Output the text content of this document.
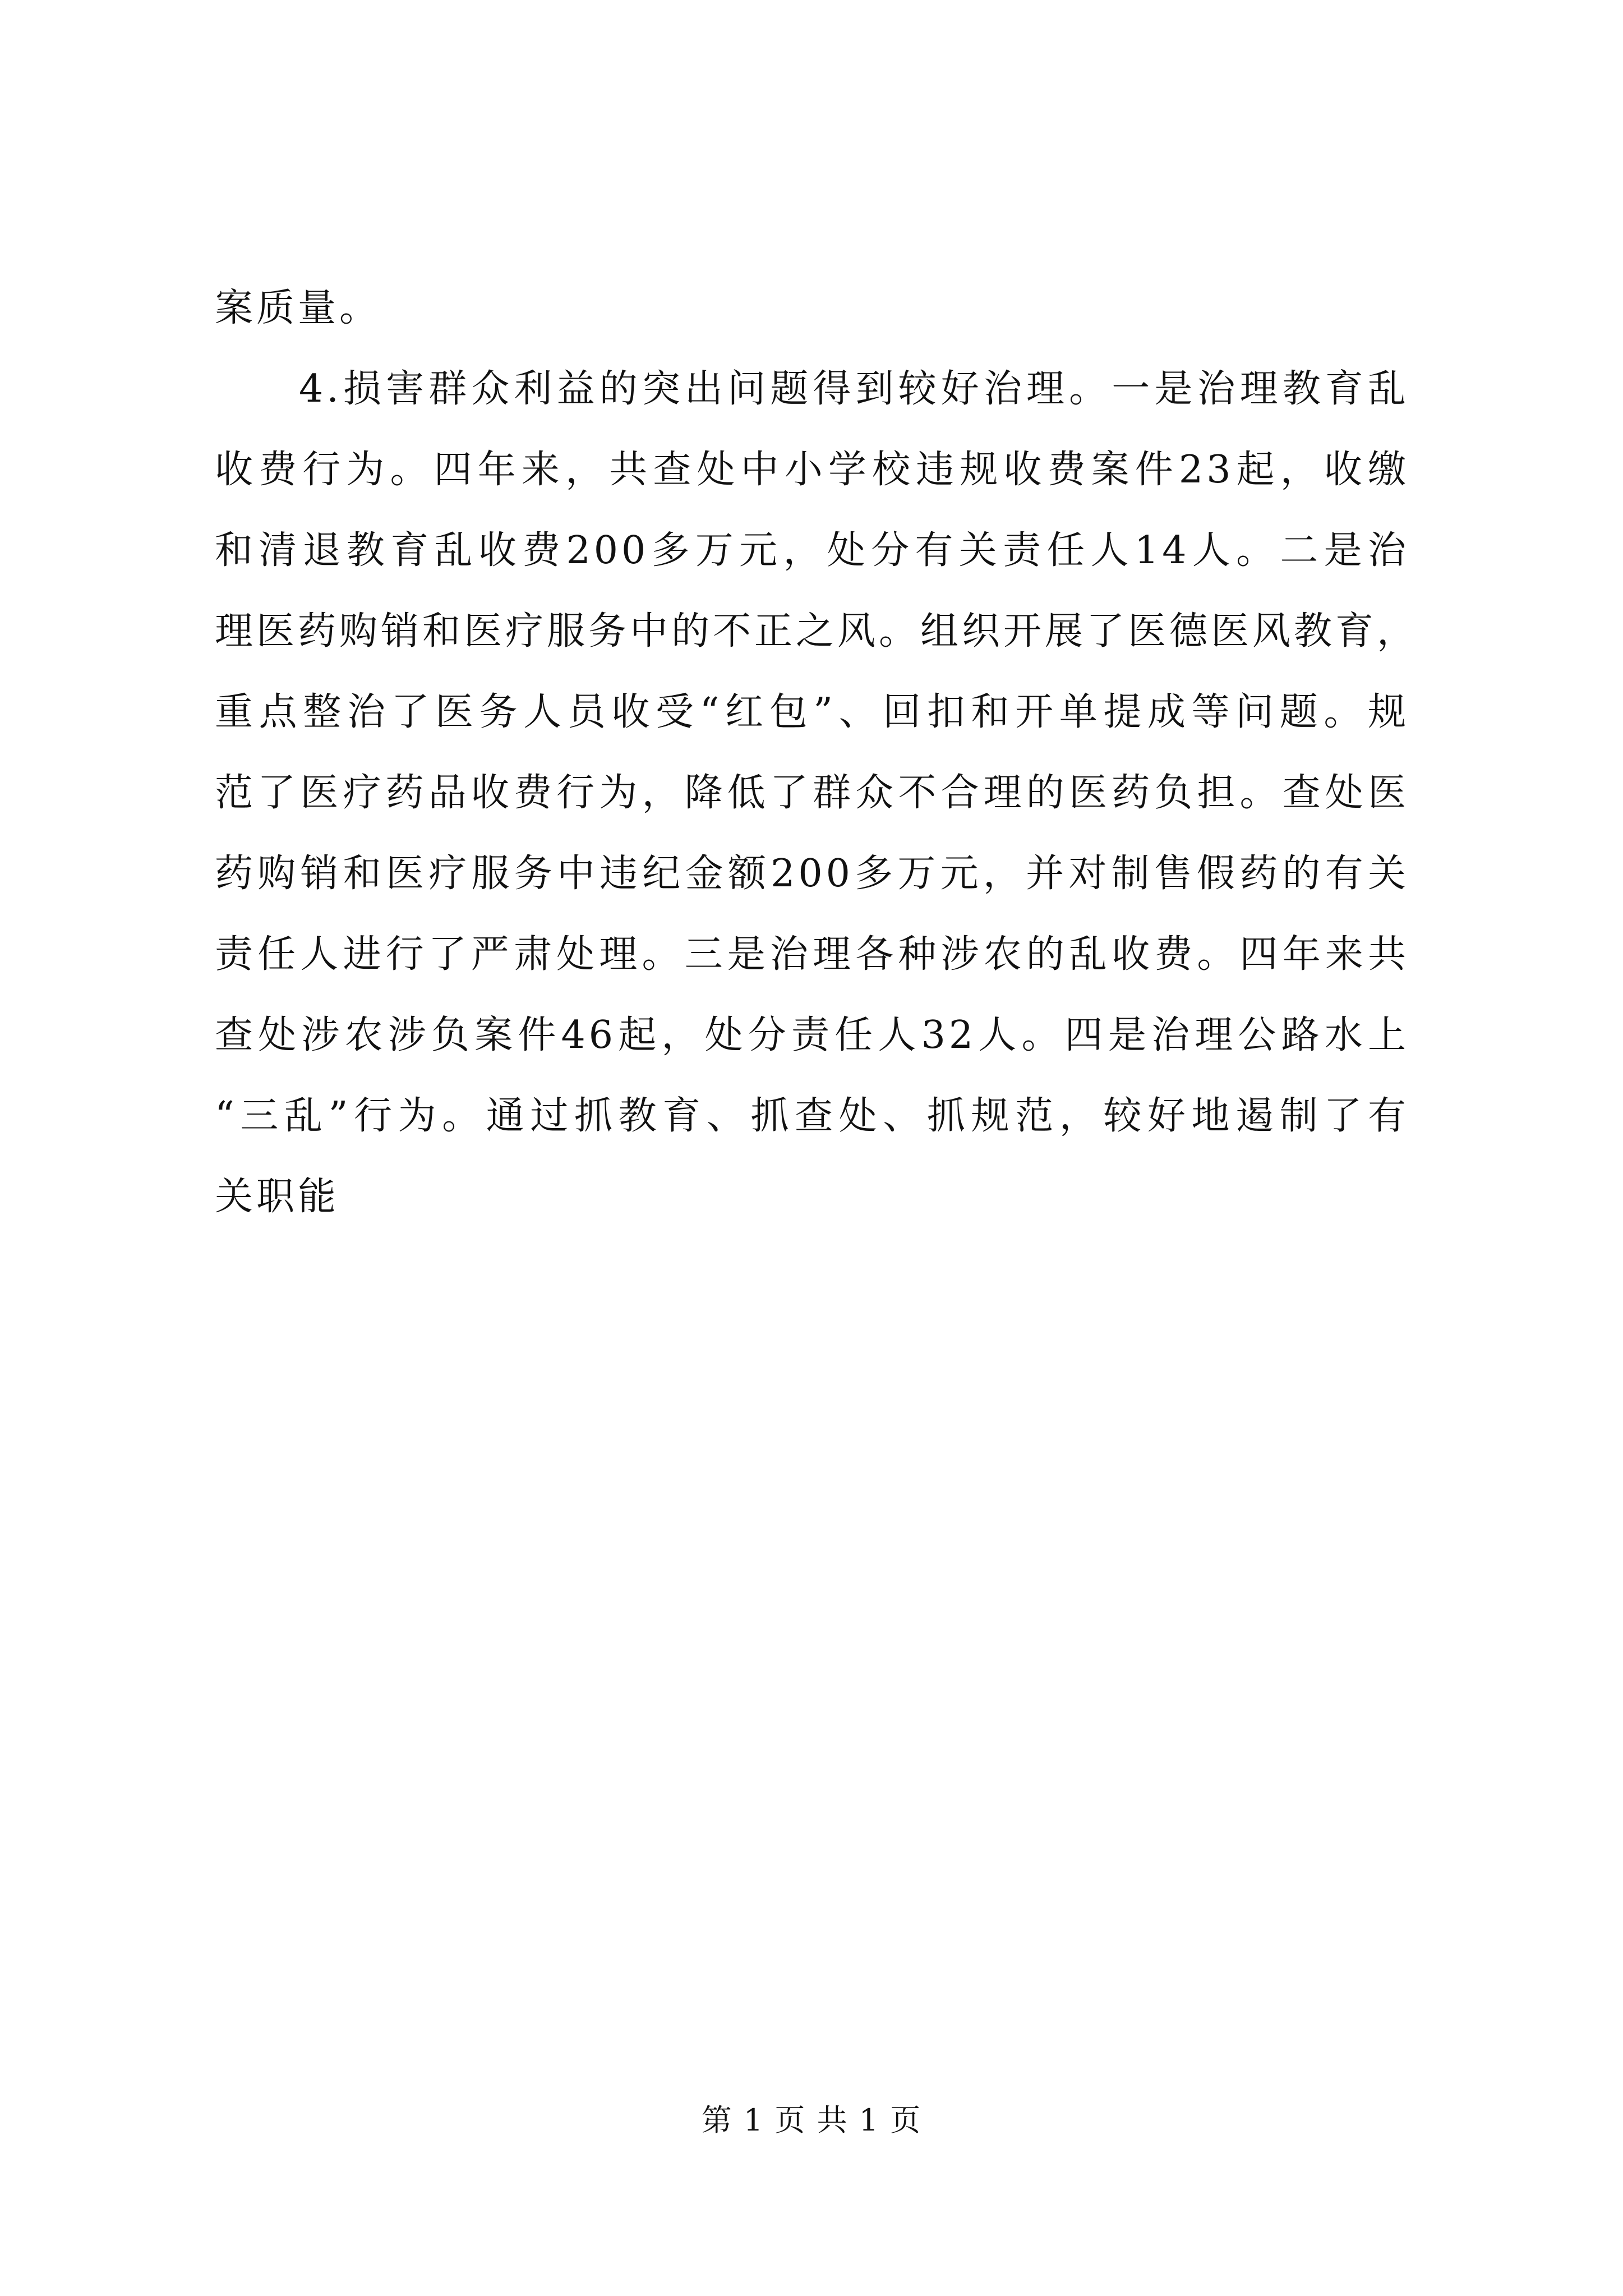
案质量。
4.损害群众利益的突出问题得到较好治理。一是治理教育乱
收费行为。四年来，共查处中小学校违规收费案件23起，收缴
和清退教育乱收费200多万元，处分有关责任人14人。二是治
理医药购销和医疗服务中的不正之风。组织开展了医德医风教育，
重点整治了医务人员收受“红包”、回扣和开单提成等问题。规
范了医疗药品收费行为，降低了群众不合理的医药负担。查处医
药购销和医疗服务中违纪金额200多万元，并对制售假药的有关
责任人进行了严肃处理。三是治理各种涉农的乱收费。四年来共
查处涉农涉负案件46起，处分责任人32人。四是治理公路水上
“三乱”行为。通过抓教育、抓查处、抓规范，较好地遏制了有
关职能
第 1 页 共 1 页
